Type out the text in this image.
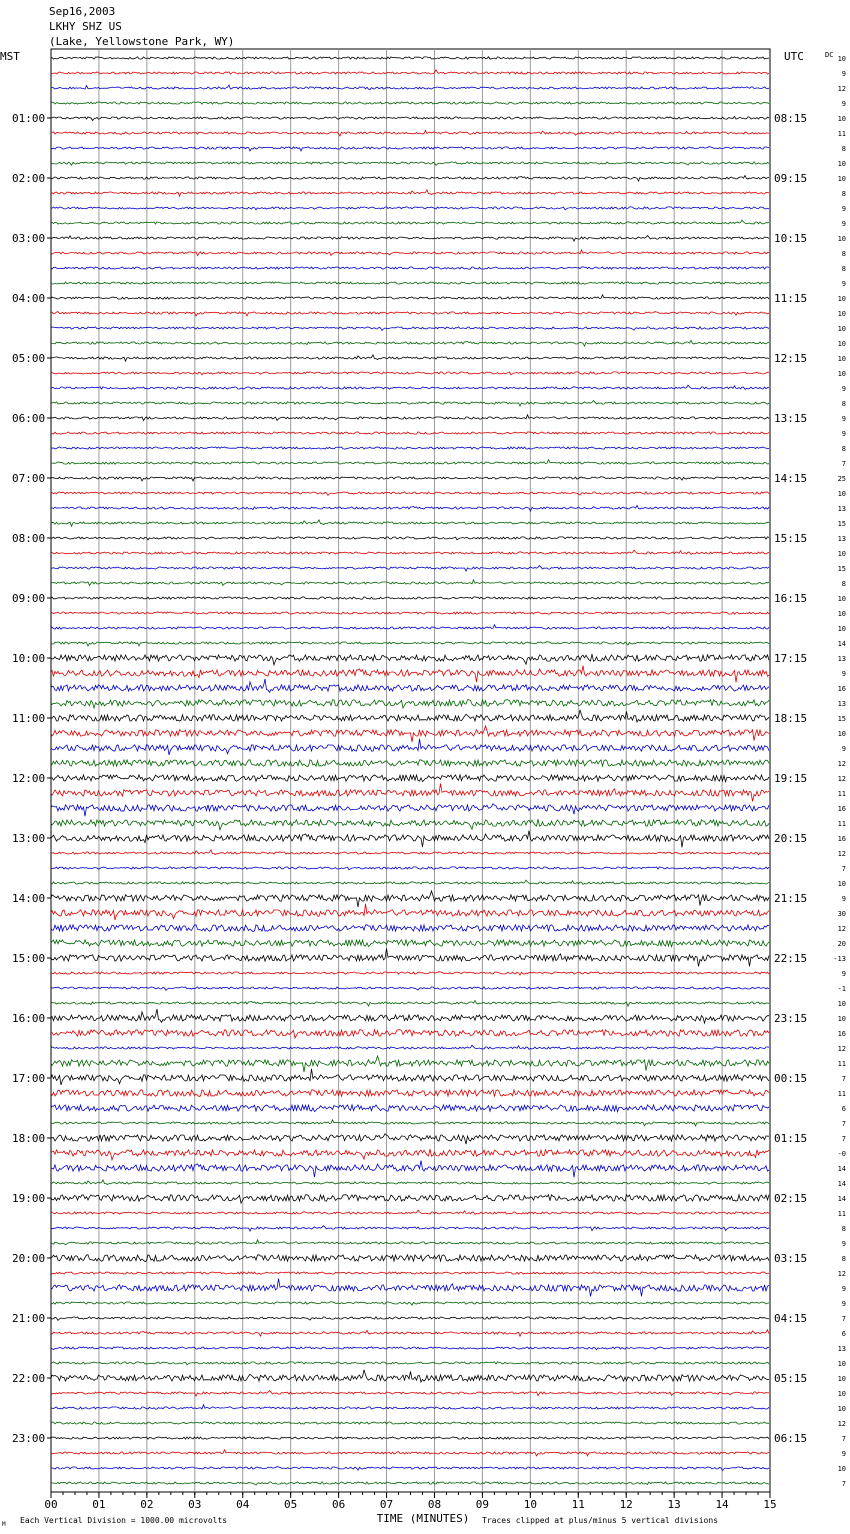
Sep16,2003
LKHY SHZ US
(Lake, Yellowstone Park, WY)
00	01	02	03	04	05	06	07	08	09	10	11	12	13	14	15
MST	UTC	DC
01:00
02:00
03:00
04:00
05:00
06:00
07:00
08:00
09:00
10:00
11:00
12:00
13:00
14:00
15:00
16:00
17:00
18:00
19:00
20:00
21:00
22:00
23:00
08:15
09:15
10:15
11:15
12:15
13:15
14:15
15:15
16:15
17:15
18:15
19:15
20:15
21:15
22:15
23:15
00:15
01:15
02:15
03:15
04:15
05:15
06:15
10
9
12
9
10
11
8
10
10
8
9
9
10
8
8
9
10
10
10
10
10
10
9
8
9
9
8
7
25
10
13
15
13
10
15
8
10
10
10
14
13
9
16
13
15
10
9
12
12
11
16
11
16
12
7
10
9
30
12
20
-13
9
-1
10
10
16
12
11
7
11
6
7
7
-0
14
14
14
11
8
9
8
12
9
9
7
6
13
10
10
10
10
12
7
9
10
7
M Each Vertical Division = 1000.00 microvolts	TIME (MINUTES) Traces clipped at plus/minus 5 vertical divisions
